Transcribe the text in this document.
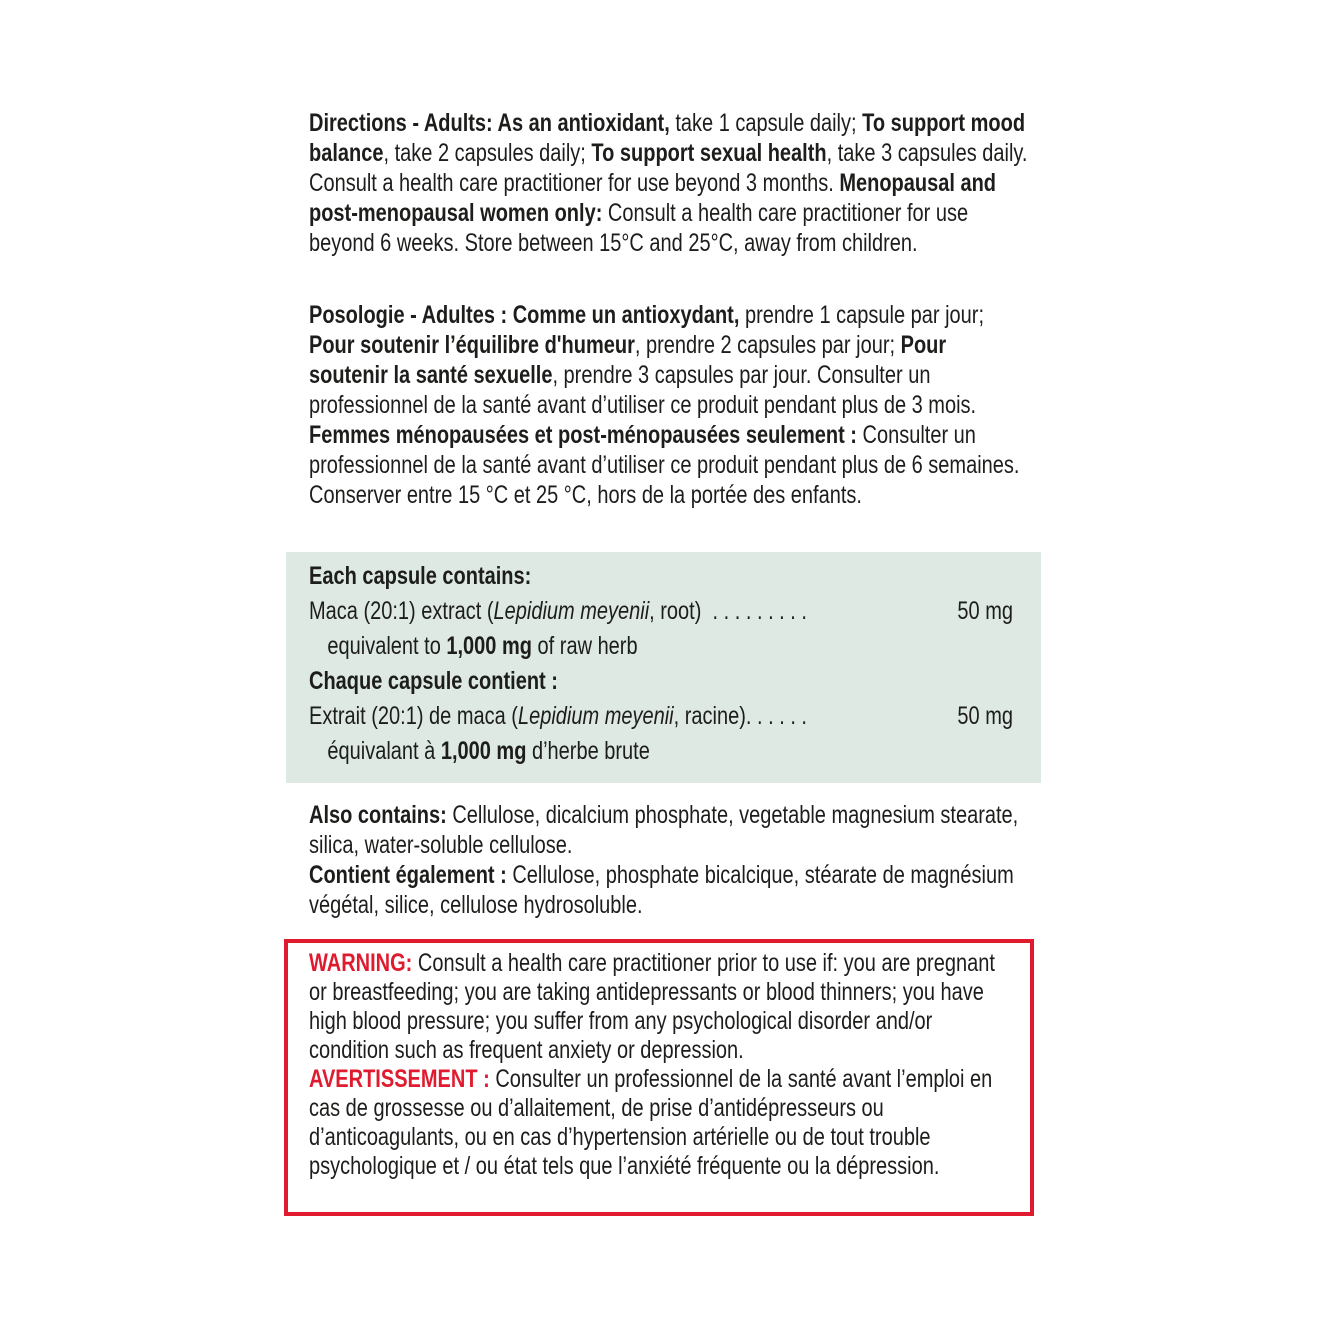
Directions - Adults: As an antioxidant, take 1 capsule daily; To support mood balance, take 2 capsules daily; To support sexual health, take 3 capsules daily. Consult a health care practitioner for use beyond 3 months. Menopausal and post-menopausal women only: Consult a health care practitioner for use beyond 6 weeks. Store between 15°C and 25°C, away from children.

Posologie - Adultes : Comme un antioxydant, prendre 1 capsule par jour; Pour soutenir l’équilibre d'humeur, prendre 2 capsules par jour; Pour soutenir la santé sexuelle, prendre 3 capsules par jour. Consulter un professionnel de la santé avant d’utiliser ce produit pendant plus de 3 mois. Femmes ménopausées et post-ménopausées seulement : Consulter un professionnel de la santé avant d’utiliser ce produit pendant plus de 6 semaines. Conserver entre 15 °C et 25 °C, hors de la portée des enfants.

Each capsule contains:
Maca (20:1) extract (Lepidium meyenii, root)  . . . . . . . . .	50 mg
equivalent to 1,000 mg of raw herb
Chaque capsule contient :
Extrait (20:1) de maca (Lepidium meyenii, racine). . . . . .	50 mg
équivalant à 1,000 mg d’herbe brute

Also contains: Cellulose, dicalcium phosphate, vegetable magnesium stearate, silica, water-soluble cellulose.

Contient également : Cellulose, phosphate bicalcique, stéarate de magnésium végétal, silice, cellulose hydrosoluble.

WARNING: Consult a health care practitioner prior to use if: you are pregnant or breastfeeding; you are taking antidepressants or blood thinners; you have high blood pressure; you suffer from any psychological disorder and/or condition such as frequent anxiety or depression.

AVERTISSEMENT : Consulter un professionnel de la santé avant l’emploi en cas de grossesse ou d’allaitement, de prise d’antidépresseurs ou d’anticoagulants, ou en cas d’hypertension artérielle ou de tout trouble psychologique et / ou état tels que l’anxiété fréquente ou la dépression.
